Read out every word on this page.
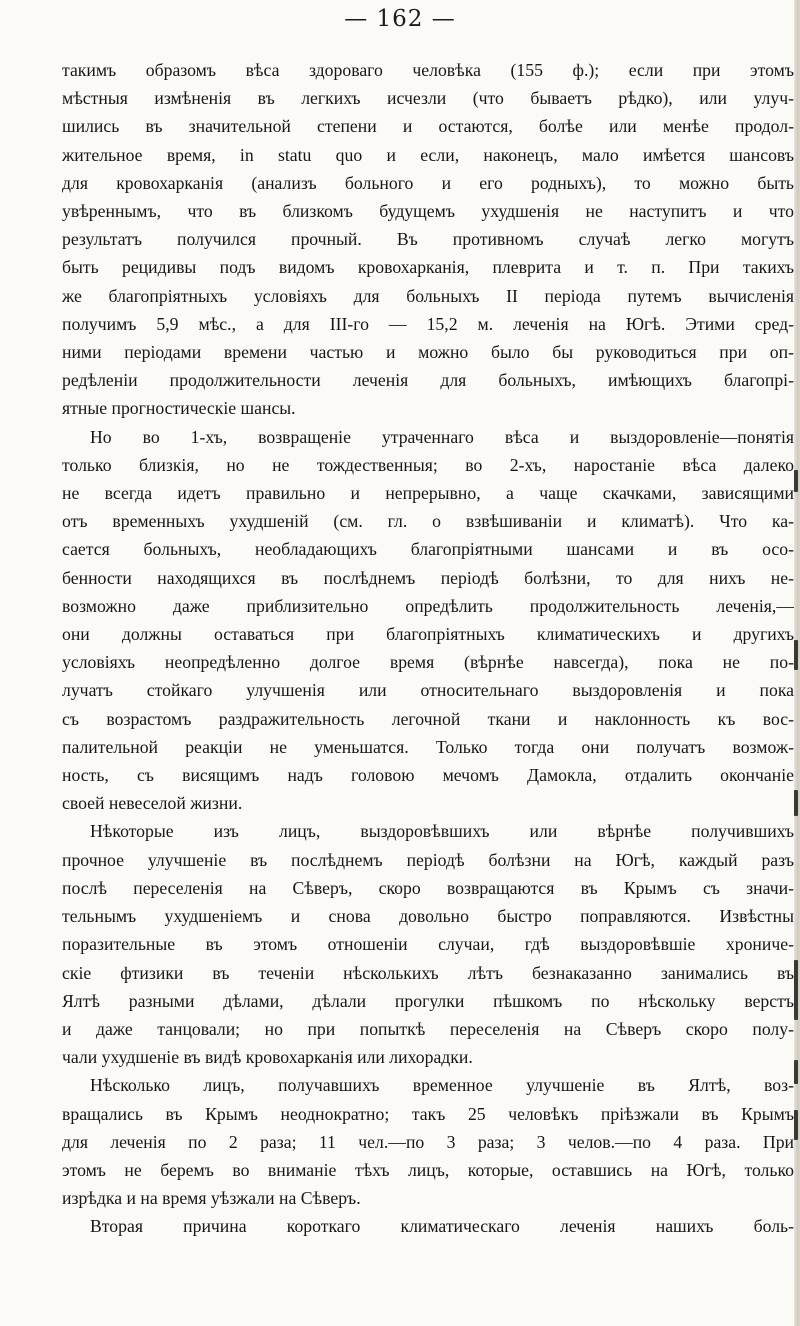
— 162 —

такимъ образомъ вѣса здороваго человѣка (155 ф.); если при этомъ

мѣстныя измѣненія въ легкихъ исчезли (что бываетъ рѣдко), или улуч-

шились въ значительной степени и остаются, болѣе или менѣе продол-

жительное время, in statu quo и если, наконецъ, мало имѣется шансовъ

для кровохарканія (анализъ больного и его родныхъ), то можно быть

увѣреннымъ, что въ близкомъ будущемъ ухудшенія не наступитъ и что

результатъ получился прочный. Въ противномъ случаѣ легко могутъ

быть рецидивы подъ видомъ кровохарканія, плеврита и т. п. При такихъ

же благопріятныхъ условіяхъ для больныхъ II періода путемъ вычисленія

получимъ 5,9 мѣс., а для III-го — 15,2 м. леченія на Югѣ. Этими сред-

ними періодами времени частью и можно было бы руководиться при оп-

редѣленіи продолжительности леченія для больныхъ, имѣющихъ благопрі-

ятные прогностическіе шансы.

Но во 1-хъ, возвращеніе утраченнаго вѣса и выздоровленіе—понятія

только близкія, но не тождественныя; во 2-хъ, наростаніе вѣса далеко

не всегда идетъ правильно и непрерывно, а чаще скачками, зависящими

отъ временныхъ ухудшеній (см. гл. о взвѣшиваніи и климатѣ). Что ка-

сается больныхъ, необладающихъ благопріятными шансами и въ осо-

бенности находящихся въ послѣднемъ періодѣ болѣзни, то для нихъ не-

возможно даже приблизительно опредѣлить продолжительность леченія,—

они должны оставаться при благопріятныхъ климатическихъ и другихъ

условіяхъ неопредѣленно долгое время (вѣрнѣе навсегда), пока не по-

лучатъ стойкаго улучшенія или относительнаго выздоровленія и пока

съ возрастомъ раздражительность легочной ткани и наклонность къ вос-

палительной реакціи не уменьшатся. Только тогда они получатъ возмож-

ность, съ висящимъ надъ головою мечомъ Дамокла, отдалить окончаніе

своей невеселой жизни.

Нѣкоторые изъ лицъ, выздоровѣвшихъ или вѣрнѣе получившихъ

прочное улучшеніе въ послѣднемъ періодѣ болѣзни на Югѣ, каждый разъ

послѣ переселенія на Сѣверъ, скоро возвращаются въ Крымъ съ значи-

тельнымъ ухудшеніемъ и снова довольно быстро поправляются. Извѣстны

поразительные въ этомъ отношеніи случаи, гдѣ выздоровѣвшіе хрониче-

скіе фтизики въ теченіи нѣсколькихъ лѣтъ безнаказанно занимались въ

Ялтѣ разными дѣлами, дѣлали прогулки пѣшкомъ по нѣскольку верстъ

и даже танцовали; но при попыткѣ переселенія на Сѣверъ скоро полу-

чали ухудшеніе въ видѣ кровохарканія или лихорадки.

Нѣсколько лицъ, получавшихъ временное улучшеніе въ Ялтѣ, воз-

вращались въ Крымъ неоднократно; такъ 25 человѣкъ пріѣзжали въ Крымъ

для леченія по 2 раза; 11 чел.—по 3 раза; 3 челов.—по 4 раза. При

этомъ не беремъ во вниманіе тѣхъ лицъ, которые, оставшись на Югѣ, только

изрѣдка и на время уѣзжали на Сѣверъ.

Вторая причина короткаго климатическаго леченія нашихъ боль-
